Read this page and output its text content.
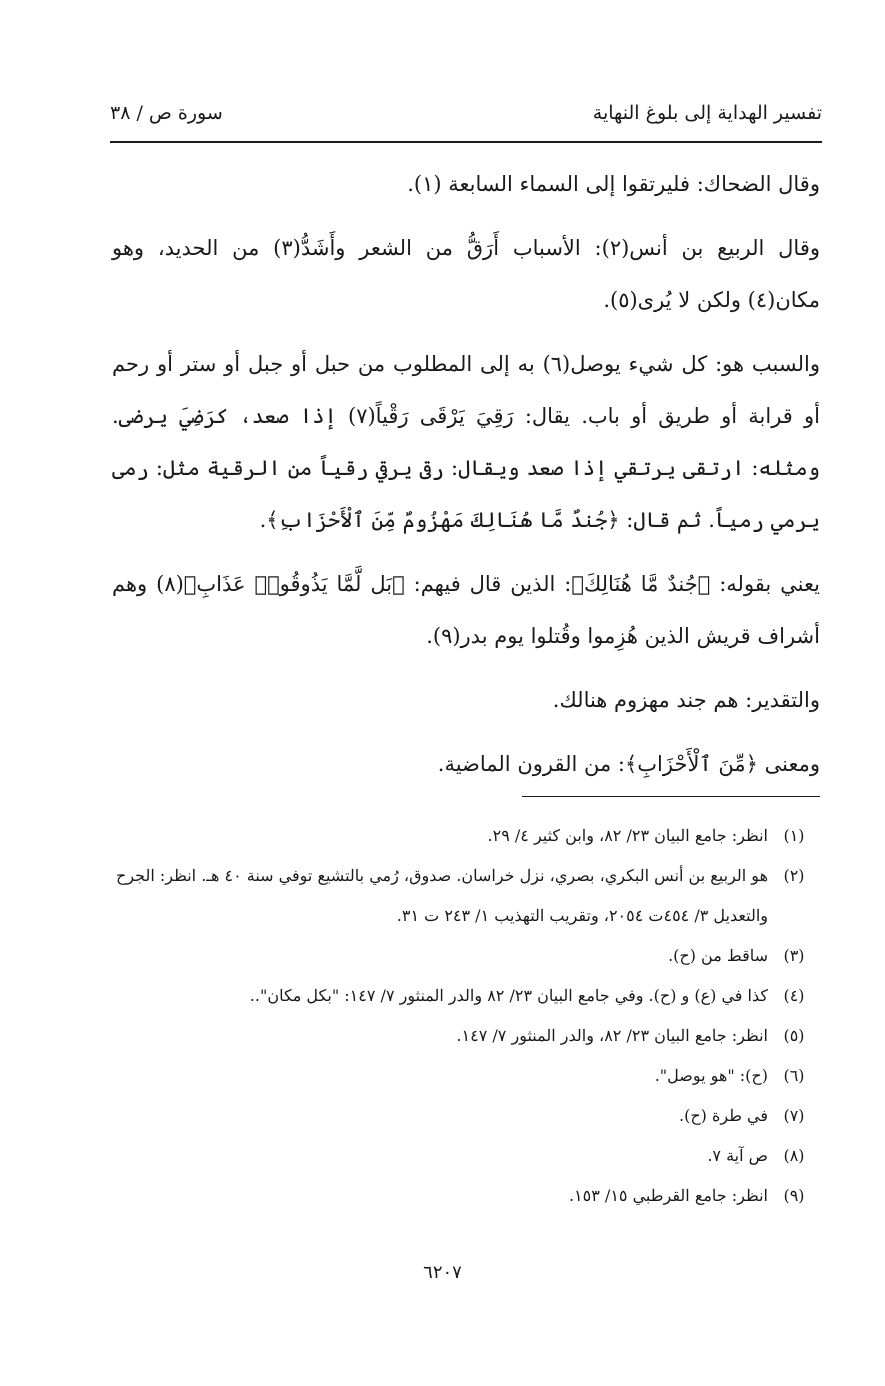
تفسير الهداية إلى بلوغ النهاية
سورة ص / ٣٨

وقال الضحاك: فليرتقوا إلى السماء السابعة (١).

وقال الربيع بن أنس(٢): الأسباب أَرَقُّ من الشعر وأَشَدُّ(٣) من الحديد، وهو مكان(٤) ولكن لا يُرى(٥).

والسبب هو: كل شيء يوصل(٦) به إلى المطلوب من حبل أو جبل أو ستر أو رحم أو قرابة أو طريق أو باب. يقال: رَقِيَ يَرْقَى رَقْياً(٧) إذا صعد، كرَضِيَ يرضى. ومثله: ارتقى يرتقي إذا صعد ويقال: رقى يرقي رقياً من الرقية مثل: رمى يرمي رمياً. ثم قال: ﴿جُندٌ مَّا هُنَالِكَ مَهْزُومٌ مِّنَ ٱلْأَحْزَابِ﴾.

يعني بقوله: ﴿جُندٌ مَّا هُنَالِكَ﴾: الذين قال فيهم: ﴿بَل لَّمَّا يَذُوقُوا۟ عَذَابِ﴾(٨) وهم أشراف قريش الذين هُزِموا وقُتلوا يوم بدر(٩).

والتقدير: هم جند مهزوم هنالك.

ومعنى ﴿مِّنَ ٱلْأَحْزَابِ﴾: من القرون الماضية.

(١)
انظر: جامع البيان ٢٣/ ٨٢، وابن كثير ٤/ ٢٩.
(٢)
هو الربيع بن أنس البكري، بصري، نزل خراسان. صدوق، رُمي بالتشيع توفي سنة ٤٠ هـ. انظر: الجرح والتعديل ٣/ ٤٥٤ت ٢٠٥٤، وتقريب التهذيب ١/ ٢٤٣ ت ٣١.
(٣)
ساقط من (ح).
(٤)
كذا في (ع) و (ح). وفي جامع البيان ٢٣/ ٨٢ والدر المنثور ٧/ ١٤٧: "بكل مكان"..
(٥)
انظر: جامع البيان ٢٣/ ٨٢، والدر المنثور ٧/ ١٤٧.
(٦)
(ح): "هو يوصل".
(٧)
في طرة (ح).
(٨)
ص آية ٧.
(٩)
انظر: جامع القرطبي ١٥/ ١٥٣.
٦٢٠٧
